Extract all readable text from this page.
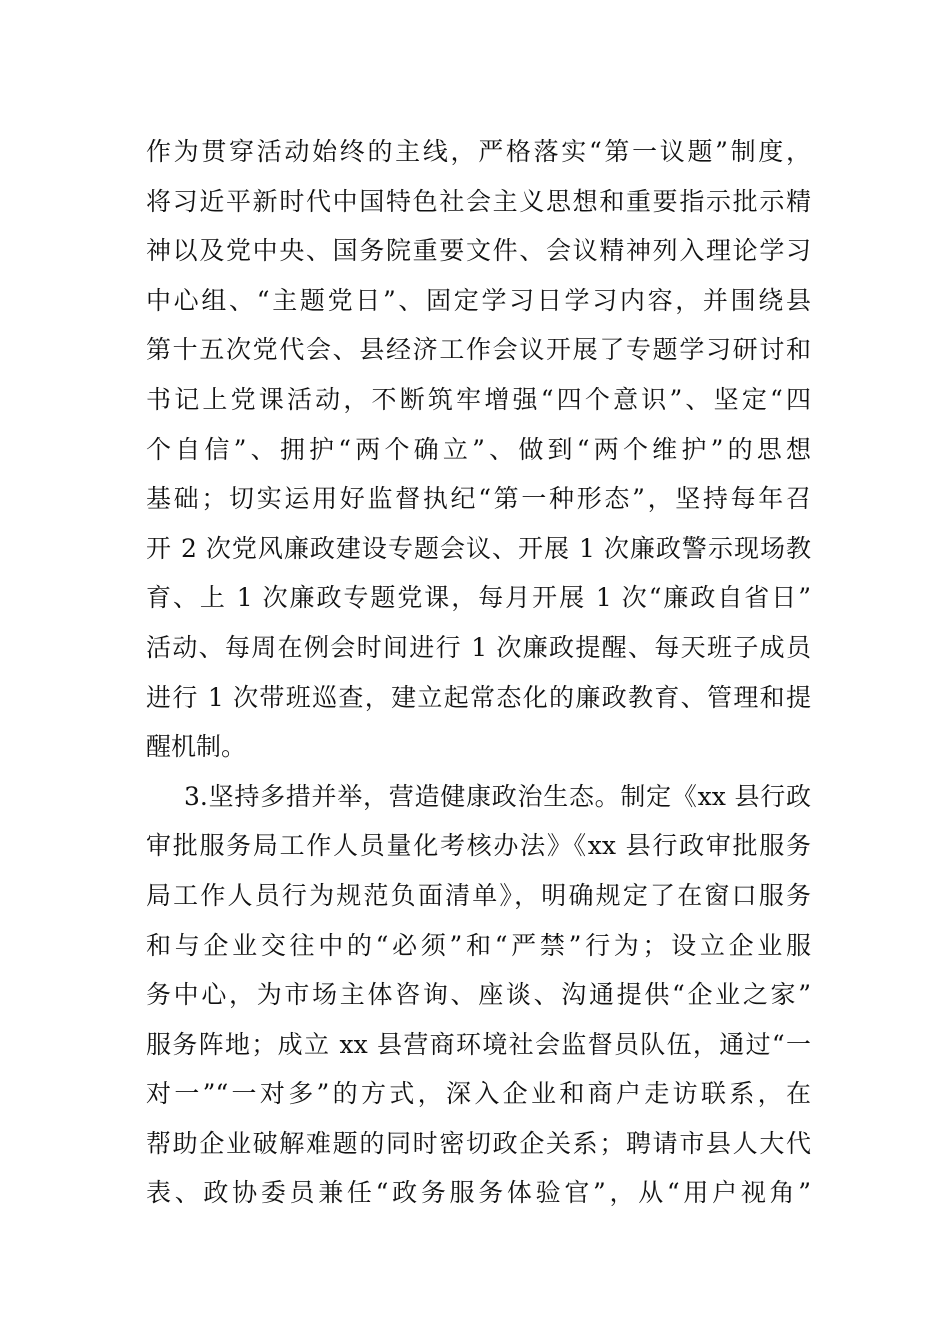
作为贯穿活动始终的主线，严格落实“第一议题”制度，
将习近平新时代中国特色社会主义思想和重要指示批示精
神以及党中央、国务院重要文件、会议精神列入理论学习
中心组、“主题党日”、固定学习日学习内容，并围绕县
第十五次党代会、县经济工作会议开展了专题学习研讨和
书记上党课活动，不断筑牢增强“四个意识”、坚定“四
个自信”、拥护“两个确立”、做到“两个维护”的思想
基础；切实运用好监督执纪“第一种形态”，坚持每年召
开 2 次党风廉政建设专题会议、开展 1 次廉政警示现场教
育、上 1 次廉政专题党课，每月开展 1 次“廉政自省日”
活动、每周在例会时间进行 1 次廉政提醒、每天班子成员
进行 1 次带班巡查，建立起常态化的廉政教育、管理和提
醒机制。
3.坚持多措并举，营造健康政治生态。制定《xx 县行政
审批服务局工作人员量化考核办法》《xx 县行政审批服务
局工作人员行为规范负面清单》，明确规定了在窗口服务
和与企业交往中的“必须”和“严禁”行为；设立企业服
务中心，为市场主体咨询、座谈、沟通提供“企业之家”
服务阵地；成立 xx 县营商环境社会监督员队伍，通过“一
对一”“一对多”的方式，深入企业和商户走访联系，在
帮助企业破解难题的同时密切政企关系；聘请市县人大代
表、政协委员兼任“政务服务体验官”，从“用户视角”
